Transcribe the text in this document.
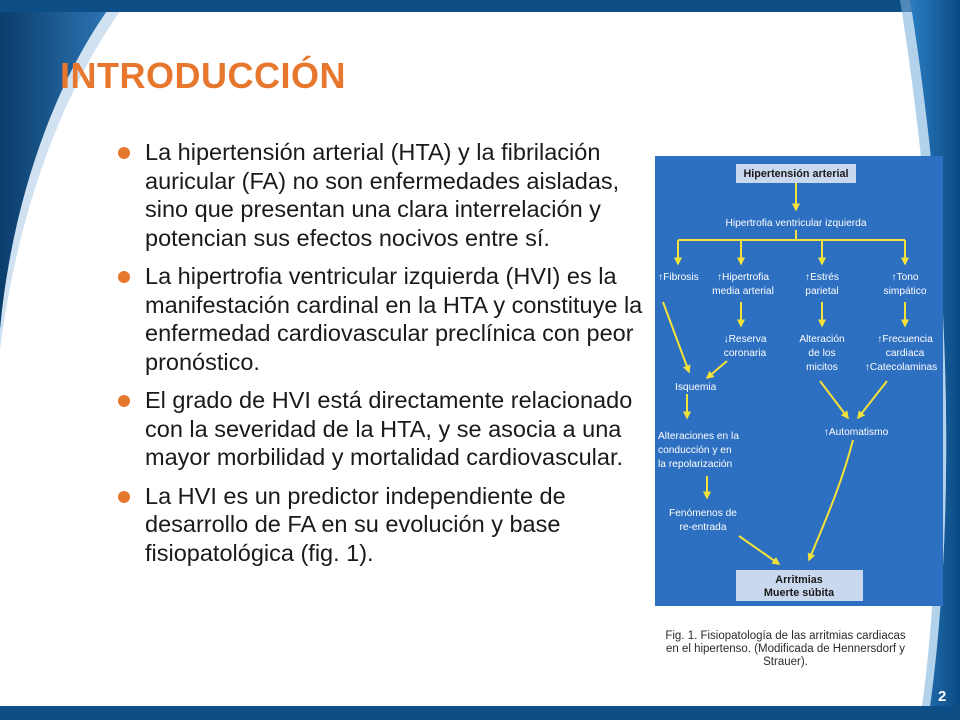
INTRODUCCIÓN
La hipertensión arterial (HTA) y la fibrilación auricular (FA) no son enfermedades aisladas, sino que presentan una clara interrelación y potencian sus efectos nocivos entre sí.
La hipertrofia ventricular izquierda (HVI) es la manifestación cardinal en la HTA y constituye la enfermedad cardiovascular preclínica con peor pronóstico.
El grado de HVI está directamente relacionado con la severidad de la HTA, y se asocia a una mayor morbilidad y mortalidad cardiovascular.
La HVI es un predictor independiente de desarrollo de FA en su evolución y base fisiopatológica (fig. 1).
Hipertensión arterial
Hipertrofia ventricular izquierda
↑Fibrosis ↑Hipertrofia
media arterial
↑Estrés
parietal
↑Tono
simpático
↓Reserva
coronaria
Alteración
de los
micitos
↑Frecuencia
cardiaca
↑Catecolaminas
Isquemia
Alteraciones en la
conducción y en
la repolarización
↑Automatismo
Fenómenos de
re-entrada
Arritmias
Muerte súbita
Fig. 1. Fisiopatología de las arritmias cardiacas en el hipertenso. (Modificada de Hennersdorf y Strauer).
2
